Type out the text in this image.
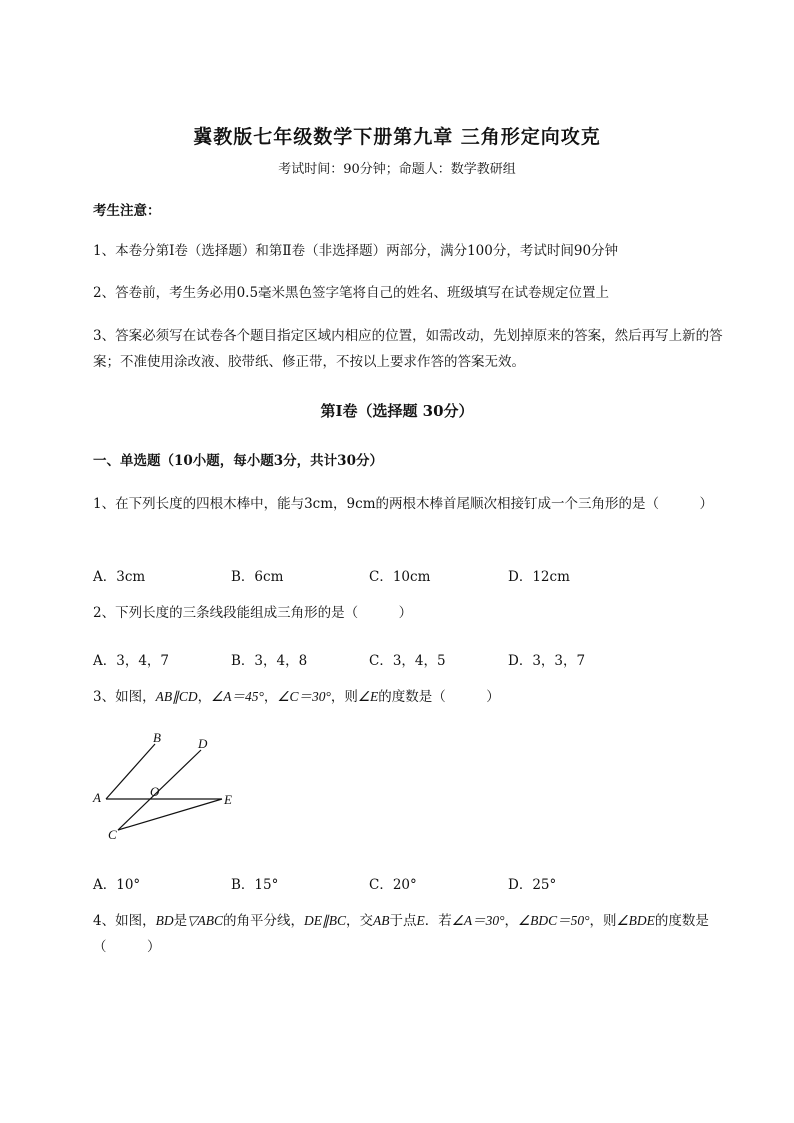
冀教版七年级数学下册第九章 三角形定向攻克
考试时间：90分钟；命题人：数学教研组
考生注意：
1、本卷分第I卷（选择题）和第Ⅱ卷（非选择题）两部分，满分100分，考试时间90分钟
2、答卷前，考生务必用0.5毫米黑色签字笔将自己的姓名、班级填写在试卷规定位置上
3、答案必须写在试卷各个题目指定区域内相应的位置，如需改动，先划掉原来的答案，然后再写上新的答案；不准使用涂改液、胶带纸、修正带，不按以上要求作答的答案无效。
第I卷（选择题 30分）
一、单选题（10小题，每小题3分，共计30分）
1、在下列长度的四根木棒中，能与3cm，9cm的两根木棒首尾顺次相接钉成一个三角形的是（　　　）
A．3cm	B．6cm	C．10cm	D．12cm
2、下列长度的三条线段能组成三角形的是（　　　）
A．3，4，7	B．3，4，8	C．3，4，5	D．3，3，7
3、如图，AB∥CD，∠A＝45°，∠C＝30°，则∠E的度数是（　　　）
B	D
A	O
E
C
A．10°	B．15°	C．20°	D．25°
4、如图，BD是▽ABC的角平分线，DE∥BC，交AB于点E．若∠A＝30°，∠BDC＝50°，则∠BDE的度数是（　　　）
